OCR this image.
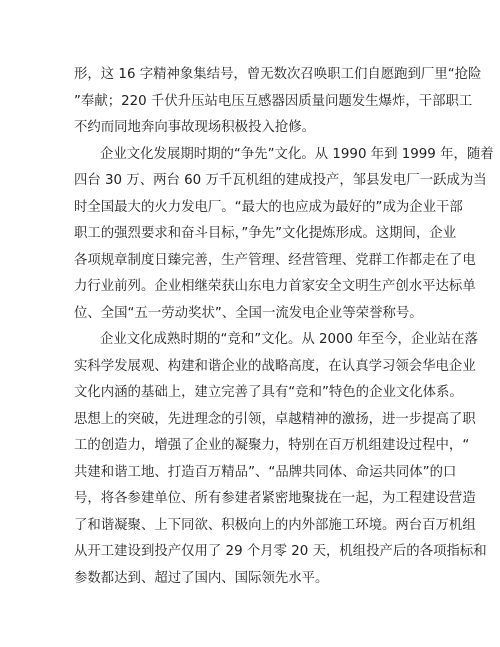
形，这 16 字精神象集结号，曾无数次召唤职工们自愿跑到厂里“抢险
”奉献；220 千伏升压站电压互感器因质量问题发生爆炸，干部职工
不约而同地奔向事故现场积极投入抢修。
企业文化发展期时期的“争先”文化。从 1990 年到 1999 年，随着
四台 30 万、两台 60 万千瓦机组的建成投产，邹县发电厂一跃成为当
时全国最大的火力发电厂。“最大的也应成为最好的”成为企业干部
职工的强烈要求和奋斗目标，”争先”文化提炼形成。这期间，企业
各项规章制度日臻完善，生产管理、经营管理、党群工作都走在了电
力行业前列。企业相继荣获山东电力首家安全文明生产创水平达标单
位、全国“五一劳动奖状”、全国一流发电企业等荣誉称号。
企业文化成熟时期的“竞和”文化。从 2000 年至今，企业站在落
实科学发展观、构建和谐企业的战略高度，在认真学习领会华电企业
文化内涵的基础上，建立完善了具有“竞和”特色的企业文化体系。
思想上的突破，先进理念的引领，卓越精神的激扬，进一步提高了职
工的创造力，增强了企业的凝聚力，特别在百万机组建设过程中，“
共建和谐工地、打造百万精品”、“品牌共同体、命运共同体”的口
号，将各参建单位、所有参建者紧密地聚拢在一起，为工程建设营造
了和谐凝聚、上下同欲、积极向上的内外部施工环境。两台百万机组
从开工建设到投产仅用了 29 个月零 20 天，机组投产后的各项指标和
参数都达到、超过了国内、国际领先水平。
